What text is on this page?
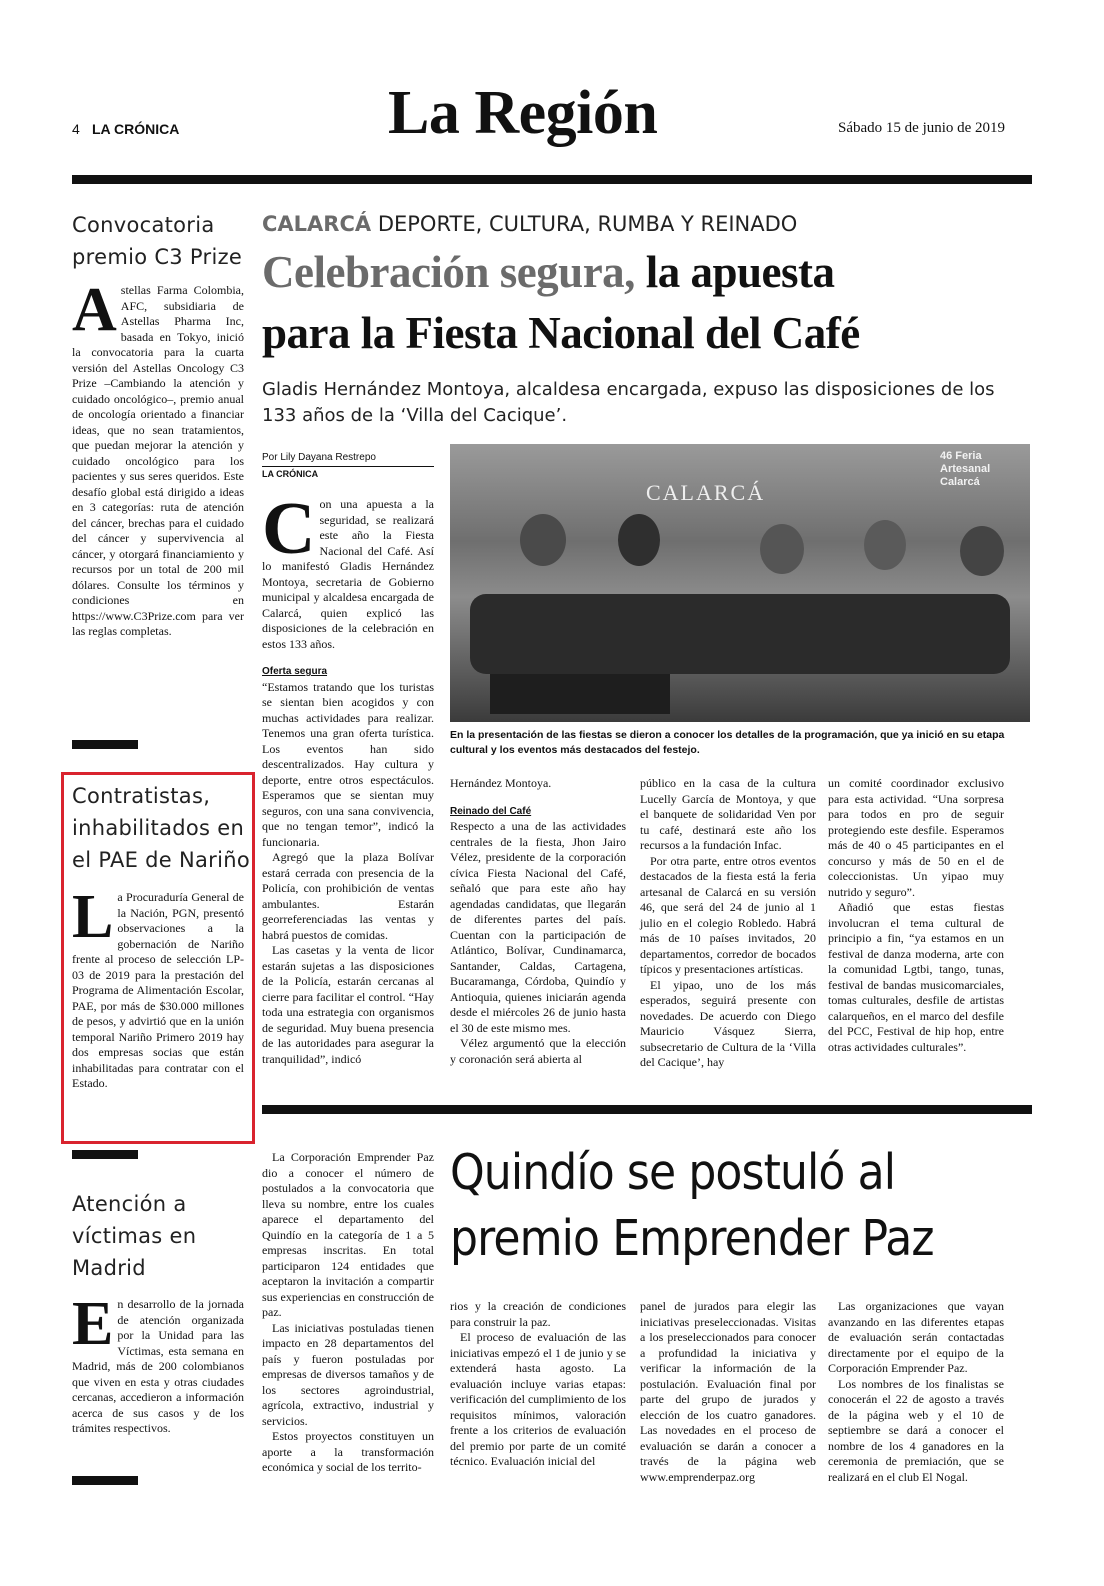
4 LA CRÓNICA	La Región	Sábado 15 de junio de 2019
Convocatoria premio C3 Prize
Astellas Farma Colombia, AFC, subsidiaria de Astellas Pharma Inc, basada en Tokyo, inició la convocatoria para la cuarta versión del Astellas Oncology C3 Prize –Cambiando la atención y cuidado oncológico–, premio anual de oncología orientado a financiar ideas, que no sean tratamientos, que puedan mejorar la atención y cuidado oncológico para los pacientes y sus seres queridos. Este desafío global está dirigido a ideas en 3 categorías: ruta de atención del cáncer, brechas para el cuidado del cáncer y supervivencia al cáncer, y otorgará financiamiento y recursos por un total de 200 mil dólares. Consulte los términos y condiciones en https://www.C3Prize.com para ver las reglas completas.
Contratistas, inhabilitados en el PAE de Nariño
La Procuraduría General de la Nación, PGN, presentó observaciones a la gobernación de Nariño frente al proceso de selección LP-03 de 2019 para la prestación del Programa de Alimentación Escolar, PAE, por más de $30.000 millones de pesos, y advirtió que en la unión temporal Nariño Primero 2019 hay dos empresas socias que están inhabilitadas para contratar con el Estado.
Atención a víctimas en Madrid
En desarrollo de la jornada de atención organizada por la Unidad para las Víctimas, esta semana en Madrid, más de 200 colombianos que viven en esta y otras ciudades cercanas, accedieron a información acerca de sus casos y de los trámites respectivos.
CALARCÁ DEPORTE, CULTURA, RUMBA Y REINADO
Celebración segura, la apuesta
para la Fiesta Nacional del Café
Gladis Hernández Montoya, alcaldesa encargada, expuso las disposiciones de los 133 años de la ‘Villa del Cacique’.
Por Lily Dayana Restrepo
LA CRÓNICA
CALARCÁ
46 Feria Artesanal Calarcá
En la presentación de las fiestas se dieron a conocer los detalles de la programación, que ya inició en su etapa cultural y los eventos más destacados del festejo.

Con una apuesta a la seguridad, se realizará este año la Fiesta Nacional del Café. Así lo manifestó Gladis Hernández Montoya, secretaria de Gobierno municipal y alcaldesa encargada de Calarcá, quien explicó las disposiciones de la celebración en estos 133 años.

Oferta segura

“Estamos tratando que los turistas se sientan bien acogidos y con muchas actividades para realizar. Tenemos una gran oferta turística. Los eventos han sido descentralizados. Hay cultura y deporte, entre otros espectáculos. Esperamos que se sientan muy seguros, con una sana convivencia, que no tengan temor”, indicó la funcionaria.

Agregó que la plaza Bolívar estará cerrada con presencia de la Policía, con prohibición de ventas ambulantes. Estarán georreferenciadas las ventas y habrá puestos de comidas.

Las casetas y la venta de licor estarán sujetas a las disposiciones de la Policía, estarán cercanas al cierre para facilitar el control. “Hay toda una estrategia con organismos de seguridad. Muy buena presencia de las autoridades para asegurar la tranquilidad”, indicó

Hernández Montoya.

Reinado del Café

Respecto a una de las actividades centrales de la fiesta, Jhon Jairo Vélez, presidente de la corporación cívica Fiesta Nacional del Café, señaló que para este año hay agendadas candidatas, que llegarán de diferentes partes del país. Cuentan con la participación de Atlántico, Bolívar, Cundinamarca, Santander, Caldas, Cartagena, Bucaramanga, Córdoba, Quindío y Antioquia, quienes iniciarán agenda desde el miércoles 26 de junio hasta el 30 de este mismo mes.

Vélez argumentó que la elección y coronación será abierta al

público en la casa de la cultura Lucelly García de Montoya, y que el banquete de solidaridad Ven por tu café, destinará este año los recursos a la fundación Infac.

Por otra parte, entre otros eventos destacados de la fiesta está la feria artesanal de Calarcá en su versión 46, que será del 24 de junio al 1 julio en el colegio Robledo. Habrá más de 10 países invitados, 20 departamentos, corredor de bocados típicos y presentaciones artísticas.

El yipao, uno de los más esperados, seguirá presente con novedades. De acuerdo con Diego Mauricio Vásquez Sierra, subsecretario de Cultura de la ‘Villa del Cacique’, hay

un comité coordinador exclusivo para esta actividad. “Una sorpresa para todos en pro de seguir protegiendo este desfile. Esperamos más de 40 o 45 participantes en el concurso y más de 50 en el de coleccionistas. Un yipao muy nutrido y seguro”.

Añadió que estas fiestas involucran el tema cultural de principio a fin, “ya estamos en un festival de danza moderna, arte con la comunidad Lgtbi, tango, tunas, festival de bandas musicomarciales, tomas culturales, desfile de artistas calarqueños, en el marco del desfile del PCC, Festival de hip hop, entre otras actividades culturales”.

Quindío se postuló al premio Emprender Paz

La Corporación Emprender Paz dio a conocer el número de postulados a la convocatoria que lleva su nombre, entre los cuales aparece el departamento del Quindío en la categoría de 1 a 5 empresas inscritas. En total participaron 124 entidades que aceptaron la invitación a compartir sus experiencias en construcción de paz.

Las iniciativas postuladas tienen impacto en 28 departamentos del país y fueron postuladas por empresas de diversos tamaños y de los sectores agroindustrial, agrícola, extractivo, industrial y servicios.

Estos proyectos constituyen un aporte a la transformación económica y social de los territo-

rios y la creación de condiciones para construir la paz.

El proceso de evaluación de las iniciativas empezó el 1 de junio y se extenderá hasta agosto. La evaluación incluye varias etapas: verificación del cumplimiento de los requisitos mínimos, valoración frente a los criterios de evaluación del premio por parte de un comité técnico. Evaluación inicial del

panel de jurados para elegir las iniciativas preseleccionadas. Visitas a los preseleccionados para conocer a profundidad la iniciativa y verificar la información de la postulación. Evaluación final por parte del grupo de jurados y elección de los cuatro ganadores. Las novedades en el proceso de evaluación se darán a conocer a través de la página web www.emprenderpaz.org

Las organizaciones que vayan avanzando en las diferentes etapas de evaluación serán contactadas directamente por el equipo de la Corporación Emprender Paz.

Los nombres de los finalistas se conocerán el 22 de agosto a través de la página web y el 10 de septiembre se dará a conocer el nombre de los 4 ganadores en la ceremonia de premiación, que se realizará en el club El Nogal.
